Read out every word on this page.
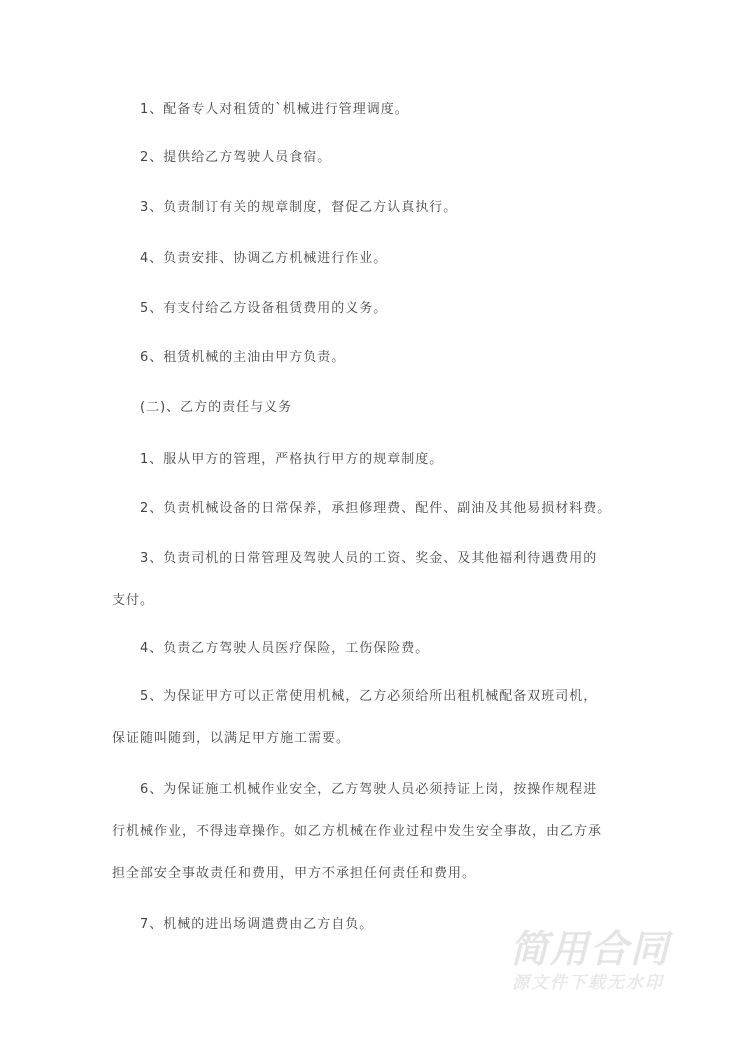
1、配备专人对租赁的`机械进行管理调度。
2、提供给乙方驾驶人员食宿。
3、负责制订有关的规章制度，督促乙方认真执行。
4、负责安排、协调乙方机械进行作业。
5、有支付给乙方设备租赁费用的义务。
6、租赁机械的主油由甲方负责。
(二)、乙方的责任与义务
1、服从甲方的管理，严格执行甲方的规章制度。
2、负责机械设备的日常保养，承担修理费、配件、副油及其他易损材料费。
3、负责司机的日常管理及驾驶人员的工资、奖金、及其他福利待遇费用的
支付。
4、负责乙方驾驶人员医疗保险，工伤保险费。
5、为保证甲方可以正常使用机械，乙方必须给所出租机械配备双班司机，
保证随叫随到，以满足甲方施工需要。
6、为保证施工机械作业安全，乙方驾驶人员必须持证上岗，按操作规程进
行机械作业，不得违章操作。如乙方机械在作业过程中发生安全事故，由乙方承
担全部安全事故责任和费用，甲方不承担任何责任和费用。
7、机械的进出场调遣费由乙方自负。
简用合同
源文件下载无水印
